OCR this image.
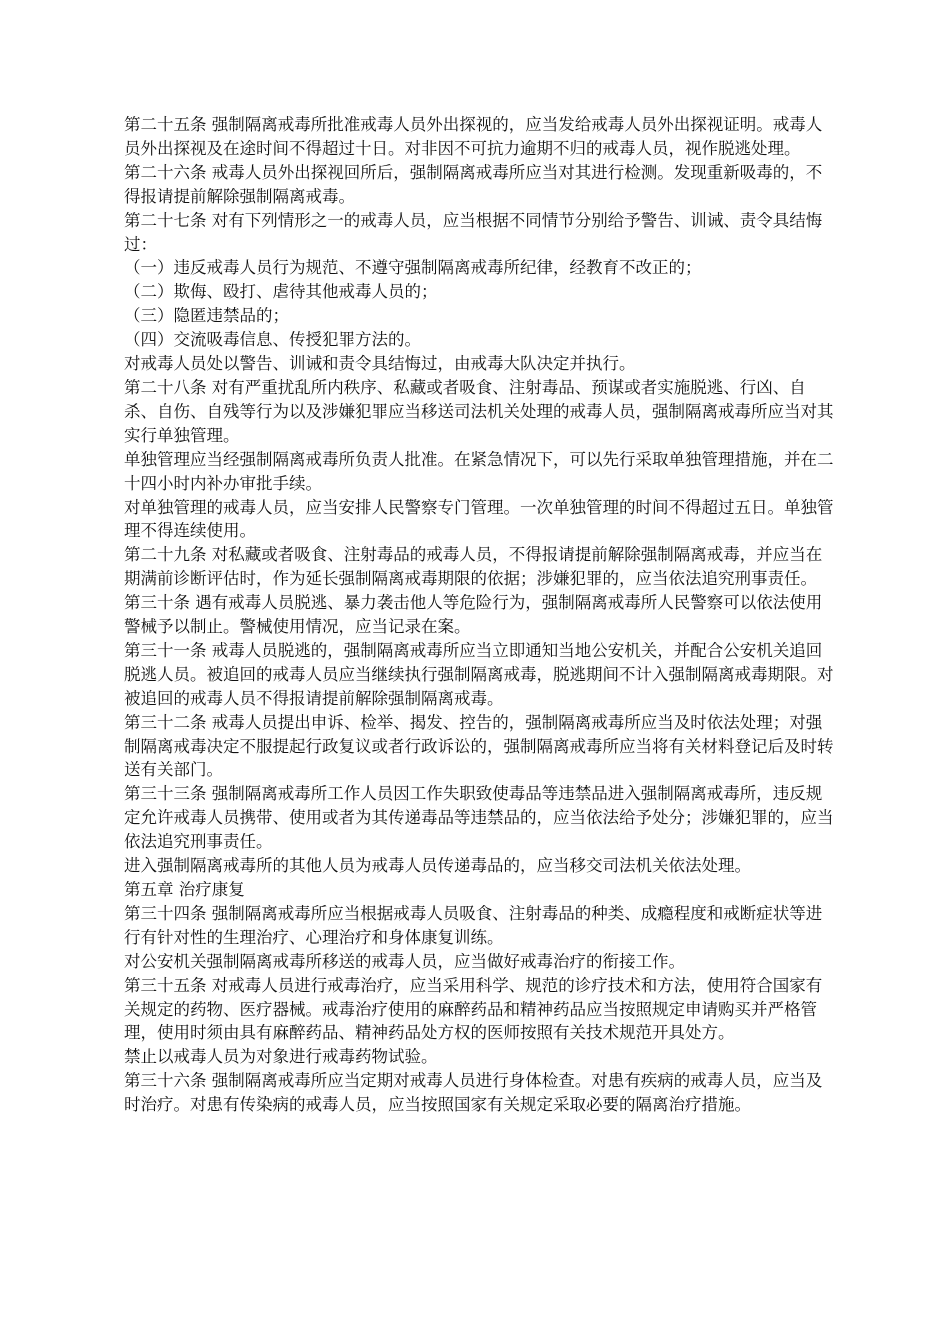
第二十五条 强制隔离戒毒所批准戒毒人员外出探视的，应当发给戒毒人员外出探视证明。戒毒人员外出探视及在途时间不得超过十日。对非因不可抗力逾期不归的戒毒人员，视作脱逃处理。

第二十六条 戒毒人员外出探视回所后，强制隔离戒毒所应当对其进行检测。发现重新吸毒的，不得报请提前解除强制隔离戒毒。

第二十七条 对有下列情形之一的戒毒人员，应当根据不同情节分别给予警告、训诫、责令具结悔过：

（一）违反戒毒人员行为规范、不遵守强制隔离戒毒所纪律，经教育不改正的；

（二）欺侮、殴打、虐待其他戒毒人员的；

（三）隐匿违禁品的；

（四）交流吸毒信息、传授犯罪方法的。

对戒毒人员处以警告、训诫和责令具结悔过，由戒毒大队决定并执行。

第二十八条 对有严重扰乱所内秩序、私藏或者吸食、注射毒品、预谋或者实施脱逃、行凶、自杀、自伤、自残等行为以及涉嫌犯罪应当移送司法机关处理的戒毒人员，强制隔离戒毒所应当对其实行单独管理。

单独管理应当经强制隔离戒毒所负责人批准。在紧急情况下，可以先行采取单独管理措施，并在二十四小时内补办审批手续。

对单独管理的戒毒人员，应当安排人民警察专门管理。一次单独管理的时间不得超过五日。单独管理不得连续使用。

第二十九条 对私藏或者吸食、注射毒品的戒毒人员，不得报请提前解除强制隔离戒毒，并应当在期满前诊断评估时，作为延长强制隔离戒毒期限的依据；涉嫌犯罪的，应当依法追究刑事责任。

第三十条 遇有戒毒人员脱逃、暴力袭击他人等危险行为，强制隔离戒毒所人民警察可以依法使用警械予以制止。警械使用情况，应当记录在案。

第三十一条 戒毒人员脱逃的，强制隔离戒毒所应当立即通知当地公安机关，并配合公安机关追回脱逃人员。被追回的戒毒人员应当继续执行强制隔离戒毒，脱逃期间不计入强制隔离戒毒期限。对被追回的戒毒人员不得报请提前解除强制隔离戒毒。

第三十二条 戒毒人员提出申诉、检举、揭发、控告的，强制隔离戒毒所应当及时依法处理；对强制隔离戒毒决定不服提起行政复议或者行政诉讼的，强制隔离戒毒所应当将有关材料登记后及时转送有关部门。

第三十三条 强制隔离戒毒所工作人员因工作失职致使毒品等违禁品进入强制隔离戒毒所，违反规定允许戒毒人员携带、使用或者为其传递毒品等违禁品的，应当依法给予处分；涉嫌犯罪的，应当依法追究刑事责任。

进入强制隔离戒毒所的其他人员为戒毒人员传递毒品的，应当移交司法机关依法处理。

第五章 治疗康复

第三十四条 强制隔离戒毒所应当根据戒毒人员吸食、注射毒品的种类、成瘾程度和戒断症状等进行有针对性的生理治疗、心理治疗和身体康复训练。

对公安机关强制隔离戒毒所移送的戒毒人员，应当做好戒毒治疗的衔接工作。

第三十五条 对戒毒人员进行戒毒治疗，应当采用科学、规范的诊疗技术和方法，使用符合国家有关规定的药物、医疗器械。戒毒治疗使用的麻醉药品和精神药品应当按照规定申请购买并严格管理，使用时须由具有麻醉药品、精神药品处方权的医师按照有关技术规范开具处方。

禁止以戒毒人员为对象进行戒毒药物试验。

第三十六条 强制隔离戒毒所应当定期对戒毒人员进行身体检查。对患有疾病的戒毒人员，应当及时治疗。对患有传染病的戒毒人员，应当按照国家有关规定采取必要的隔离治疗措施。
